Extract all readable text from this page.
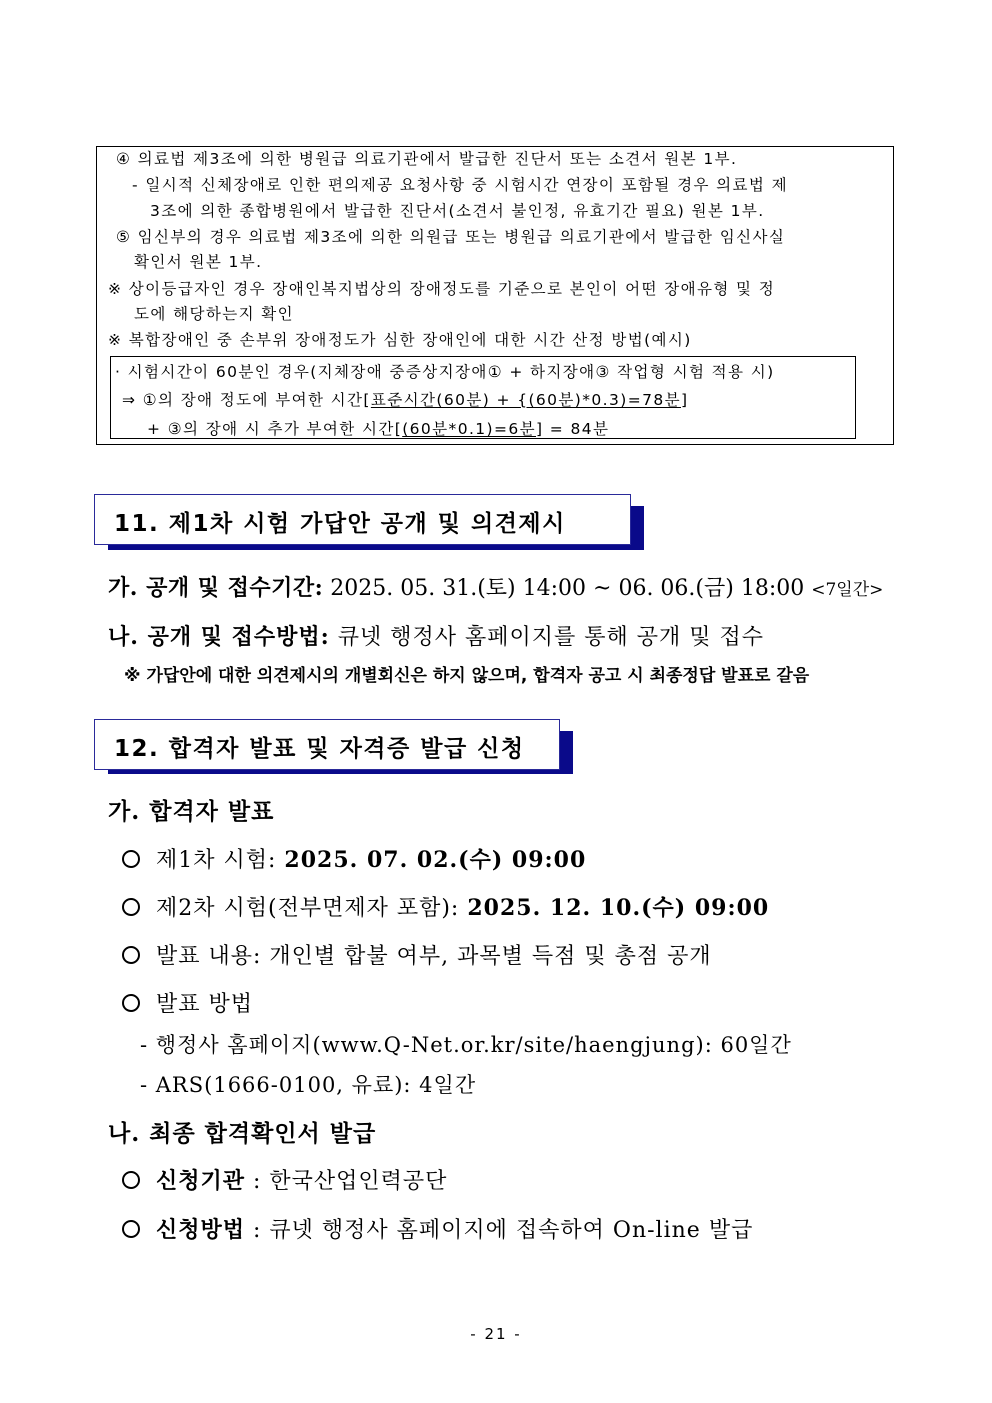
④ 의료법 제3조에 의한 병원급 의료기관에서 발급한 진단서 또는 소견서 원본 1부.
- 일시적 신체장애로 인한 편의제공 요청사항 중 시험시간 연장이 포함될 경우 의료법 제
3조에 의한 종합병원에서 발급한 진단서(소견서 불인정, 유효기간 필요) 원본 1부.
⑤ 임신부의 경우 의료법 제3조에 의한 의원급 또는 병원급 의료기관에서 발급한 임신사실
확인서 원본 1부.
※ 상이등급자인 경우 장애인복지법상의 장애정도를 기준으로 본인이 어떤 장애유형 및 정
도에 해당하는지 확인
※ 복합장애인 중 손부위 장애정도가 심한 장애인에 대한 시간 산정 방법(예시)
· 시험시간이 60분인 경우(지체장애 중증상지장애① + 하지장애③ 작업형 시험 적용 시)
⇒ ①의 장애 정도에 부여한 시간[표준시간(60분) + {(60분)*0.3)=78분]
+ ③의 장애 시 추가 부여한 시간[(60분*0.1)=6분] = 84분
11. 제1차 시험 가답안 공개 및 의견제시
가. 공개 및 접수기간: 2025. 05. 31.(토) 14:00 ~ 06. 06.(금) 18:00 <7일간>
나. 공개 및 접수방법: 큐넷 행정사 홈페이지를 통해 공개 및 접수
※ 가답안에 대한 의견제시의 개별회신은 하지 않으며, 합격자 공고 시 최종정답 발표로 갈음
12. 합격자 발표 및 자격증 발급 신청
가. 합격자 발표
제1차 시험: 2025. 07. 02.(수) 09:00
제2차 시험(전부면제자 포함): 2025. 12. 10.(수) 09:00
발표 내용: 개인별 합불 여부, 과목별 득점 및 총점 공개
발표 방법
- 행정사 홈페이지(www.Q-Net.or.kr/site/haengjung): 60일간
- ARS(1666-0100, 유료): 4일간
나. 최종 합격확인서 발급
신청기관 : 한국산업인력공단
신청방법 : 큐넷 행정사 홈페이지에 접속하여 On-line 발급
- 21 -
